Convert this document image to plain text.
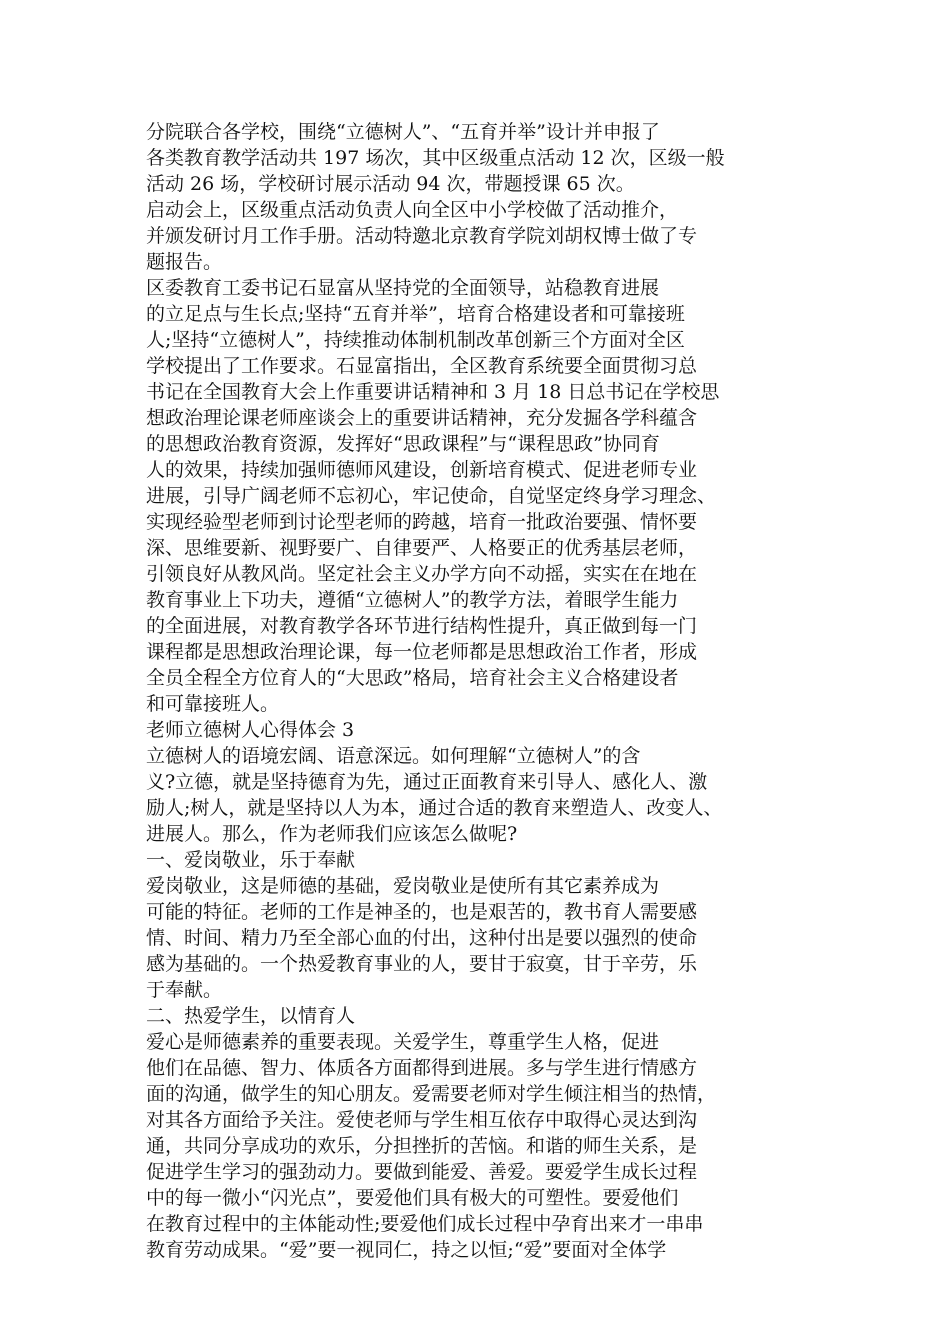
分院联合各学校，围绕“立德树人”、“五育并举”设计并申报了
各类教育教学活动共 197 场次，其中区级重点活动 12 次，区级一般
活动 26 场，学校研讨展示活动 94 次，带题授课 65 次。

启动会上，区级重点活动负责人向全区中小学校做了活动推介，
并颁发研讨月工作手册。活动特邀北京教育学院刘胡权博士做了专
题报告。

区委教育工委书记石显富从坚持党的全面领导，站稳教育进展
的立足点与生长点;坚持“五育并举”，培育合格建设者和可靠接班
人;坚持“立德树人”，持续推动体制机制改革创新三个方面对全区
学校提出了工作要求。石显富指出，全区教育系统要全面贯彻习总
书记在全国教育大会上作重要讲话精神和 3 月 18 日总书记在学校思
想政治理论课老师座谈会上的重要讲话精神，充分发掘各学科蕴含
的思想政治教育资源，发挥好“思政课程”与“课程思政”协同育
人的效果，持续加强师德师风建设，创新培育模式、促进老师专业
进展，引导广阔老师不忘初心，牢记使命，自觉坚定终身学习理念、
实现经验型老师到讨论型老师的跨越，培育一批政治要强、情怀要
深、思维要新、视野要广、自律要严、人格要正的优秀基层老师，
引领良好从教风尚。坚定社会主义办学方向不动摇，实实在在地在
教育事业上下功夫，遵循“立德树人”的教学方法，着眼学生能力
的全面进展，对教育教学各环节进行结构性提升，真正做到每一门
课程都是思想政治理论课，每一位老师都是思想政治工作者，形成
全员全程全方位育人的“大思政”格局，培育社会主义合格建设者
和可靠接班人。

老师立德树人心得体会 3

立德树人的语境宏阔、语意深远。如何理解“立德树人”的含
义?立德，就是坚持德育为先，通过正面教育来引导人、感化人、激
励人;树人，就是坚持以人为本，通过合适的教育来塑造人、改变人、
进展人。那么，作为老师我们应该怎么做呢?

一、爱岗敬业，乐于奉献

爱岗敬业，这是师德的基础，爱岗敬业是使所有其它素养成为
可能的特征。老师的工作是神圣的，也是艰苦的，教书育人需要感
情、时间、精力乃至全部心血的付出，这种付出是要以强烈的使命
感为基础的。一个热爱教育事业的人，要甘于寂寞，甘于辛劳，乐
于奉献。

二、热爱学生，以情育人

爱心是师德素养的重要表现。关爱学生，尊重学生人格，促进
他们在品德、智力、体质各方面都得到进展。多与学生进行情感方
面的沟通，做学生的知心朋友。爱需要老师对学生倾注相当的热情，
对其各方面给予关注。爱使老师与学生相互依存中取得心灵达到沟
通，共同分享成功的欢乐，分担挫折的苦恼。和谐的师生关系，是
促进学生学习的强劲动力。要做到能爱、善爱。要爱学生成长过程
中的每一微小“闪光点”，要爱他们具有极大的可塑性。要爱他们
在教育过程中的主体能动性;要爱他们成长过程中孕育出来才一串串
教育劳动成果。“爱”要一视同仁，持之以恒;“爱”要面对全体学
